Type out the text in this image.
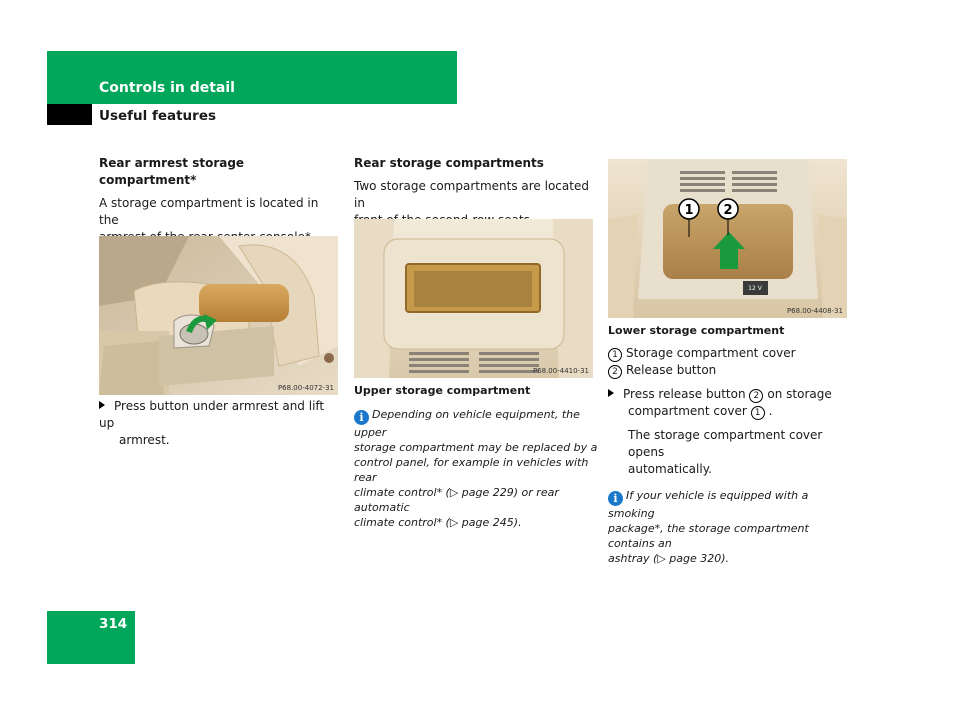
Controls in detail
Useful features
Rear armrest storage compartment*
A storage compartment is located in the
P68.00-4072-31
Press button under armrest and lift up
armrest.
Rear storage compartments
Two storage compartments are located in
P68.00-4410-31
Upper storage compartment
i Depending on vehicle equipment, the upper
storage compartment may be replaced by a
control panel, for example in vehicles with rear
climate control* (▷ page 229) or rear automatic
climate control* (▷ page 245).
12 V
1 2
P68.00-4408-31
Lower storage compartment
1 Storage compartment cover
2 Release button
Press release button 2 on storage
compartment cover 1 .
The storage compartment cover opens
automatically.
i If your vehicle is equipped with a smoking
package*, the storage compartment contains an
ashtray (▷ page 320).
314
